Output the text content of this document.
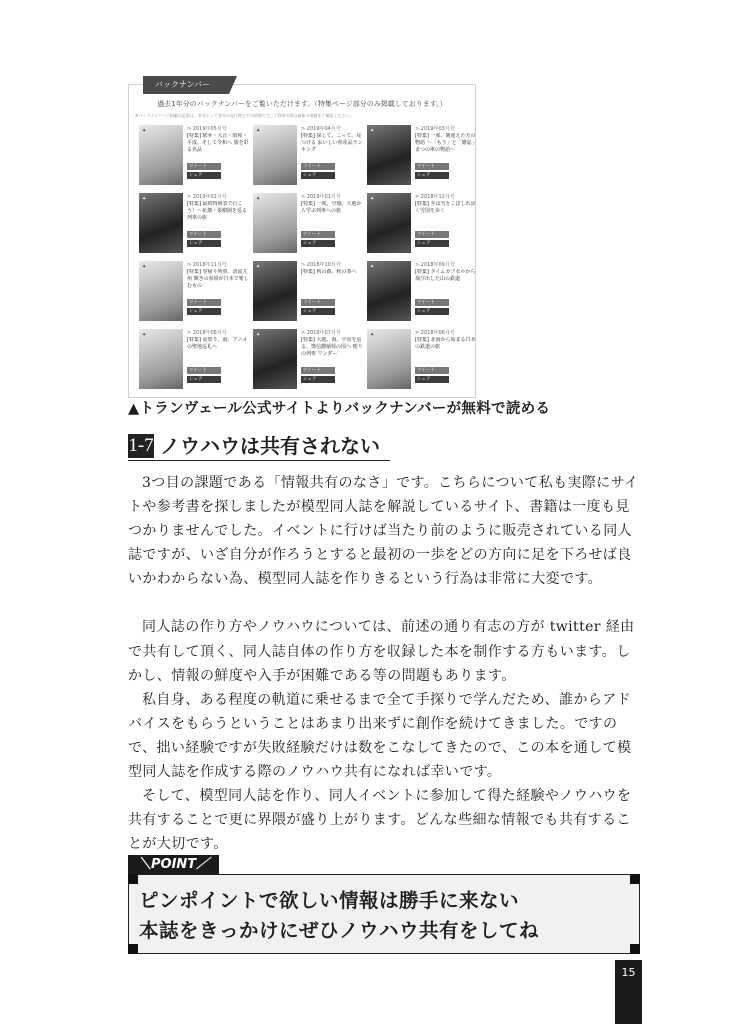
バックナンバー
過去1年分のバックナンバーをご覧いただけます。（特集ページ部分のみ掲載しております。）
※バックナンバーに掲載の記事は、季刊として各号の発行時点での情報です。ご利用の際は最新の情報をご確認ください。
✦	> 2019年05月号
[特集] 駅弁・大正・昭和・平成、そして令和へ 旅を彩る名品
ツイート
シェア
✦	> 2019年04月号
[特集] 探して。こって、見つける おいしい県産品ランキング
ツイート
シェア
✦	> 2019年03月号
[特集] 一度、間違えた方の物語 〜「もう」と「雑誌」まつの車の物語〜
ツイート
シェア
✦	> 2019年02月号
[特集] 最終時刻表で行こう！〜花畑・果樹園を巡る列車の旅
ツイート
シェア
✦	> 2019年01月号
[特集] 一度、空感。大地から学ぶ列車への旅
ツイート
シェア
✦	> 2018年12月号
[特集] 冬は雪をこぼしれ歩く雪国を歩く
ツイート
シェア
✦	> 2018年11月号
[特集] 里帰り列車、清流九州 輝きの県境が日本で楽しむもの
ツイート
シェア
✦	> 2018年10月号
[特集] 秋の森、秋の茶へ
ツイート
シェア
✦	> 2018年09月号
[特集] タイムカプセルから飛び出した山の鉄道
ツイート
シェア
✦	> 2018年08月号
[特集] 夏祭り、港、アニメの聖地巡礼へ
ツイート
シェア
✦	> 2018年07月号
[特集] 大地、海、宇宙を巡る、奥信濃稲荷の国へ 便りの列車 ワンダー
ツイート
シェア
✦	> 2018年06月号
[特集] 北海から始まる日本の鉄道の旅
ツイート
シェア
▲トランヴェール公式サイトよりバックナンバーが無料で読める
1-7 ノウハウは共有されない

3つ目の課題である「情報共有のなさ」です。こちらについて私も実際にサイトや参考書を探しましたが模型同人誌を解説しているサイト、書籍は一度も見つかりませんでした。イベントに行けば当たり前のように販売されている同人誌ですが、いざ自分が作ろうとすると最初の一歩をどの方向に足を下ろせば良いかわからない為、模型同人誌を作りきるという行為は非常に大変です。

同人誌の作り方やノウハウについては、前述の通り有志の方が twitter 経由で共有して頂く、同人誌自体の作り方を収録した本を制作する方もいます。しかし、情報の鮮度や入手が困難である等の問題もあります。

私自身、ある程度の軌道に乗せるまで全て手探りで学んだため、誰からアドバイスをもらうということはあまり出来ずに創作を続けてきました。ですので、拙い経験ですが失敗経験だけは数をこなしてきたので、この本を通して模型同人誌を作成する際のノウハウ共有になれば幸いです。

そして、模型同人誌を作り、同人イベントに参加して得た経験やノウハウを共有することで更に界隈が盛り上がります。どんな些細な情報でも共有することが大切です。

＼POINT／
ピンポイントで欲しい情報は勝手に来ない
本誌をきっかけにぜひノウハウ共有をしてね
15
